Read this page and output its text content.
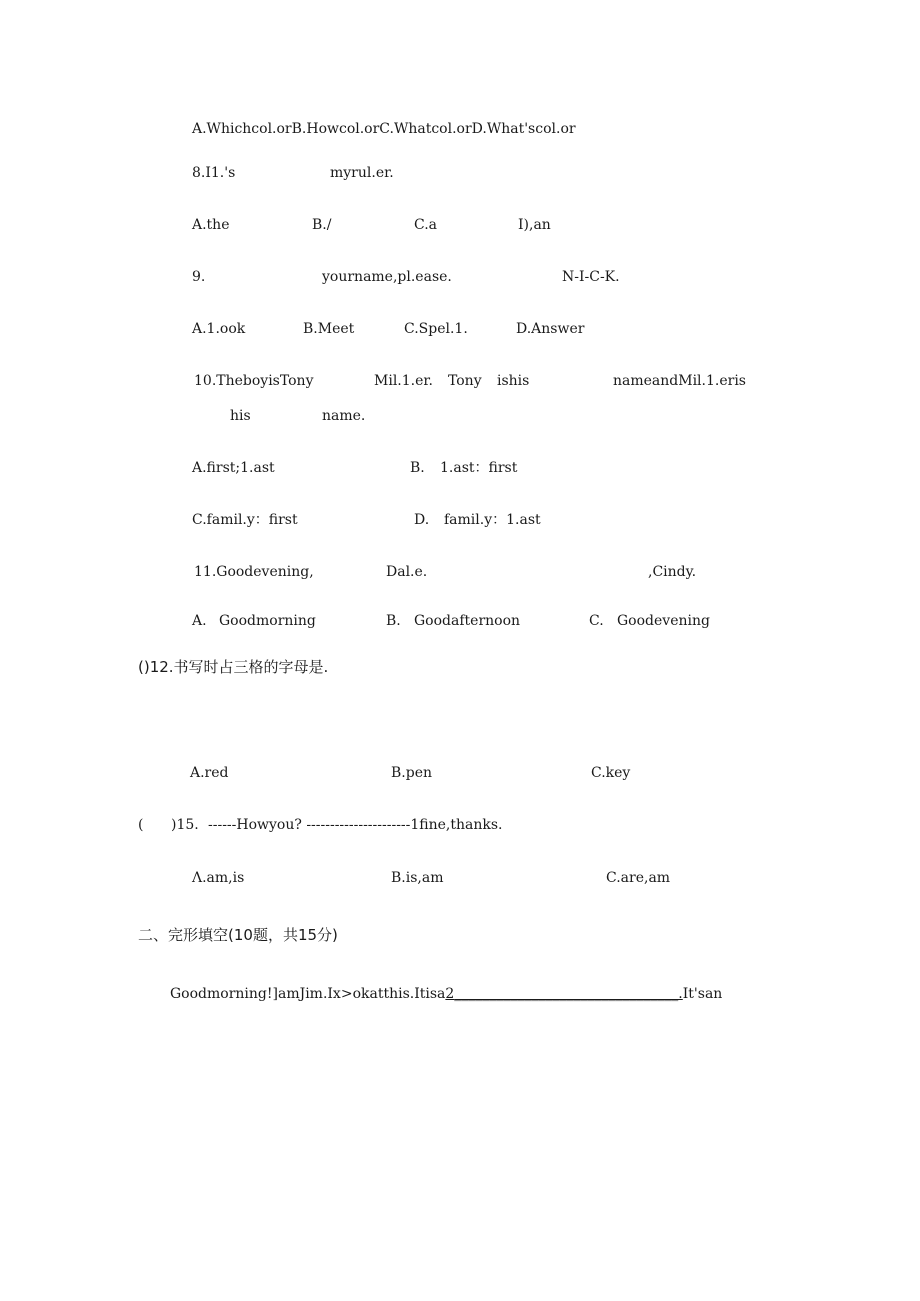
A.Whichcol.orB.Howcol.orC.Whatcol.orD.What'scol.or
8.I1.'s	myrul.er.
A.the	B./	C.a	I),an
9.	yourname,pl.ease.	N-I-C-K.
A.1.ook	B.Meet	C.Spel.1.	D.Answer
10.TheboyisTony	Mil.1.er. Tony ishis	nameandMil.1.eris
his	name.
A.first;1.ast	B. 1.ast：first
C.famil.y：first	D. famil.y：1.ast
11.Goodevening,	Dal.e.	,Cindy.
A. Goodmorning	B. Goodafternoon	C. Goodevening
()12.书写时占三格的字母是.
A.red	B.pen	C.key
( )15. ------Howyou? ----------------------1fine,thanks.
Λ.am,is	B.is,am	C.are,am
二、完形填空(10题，共15分)
Goodmorning!]amJim.Ix>okatthis.Itisa2________________________________.It'san
